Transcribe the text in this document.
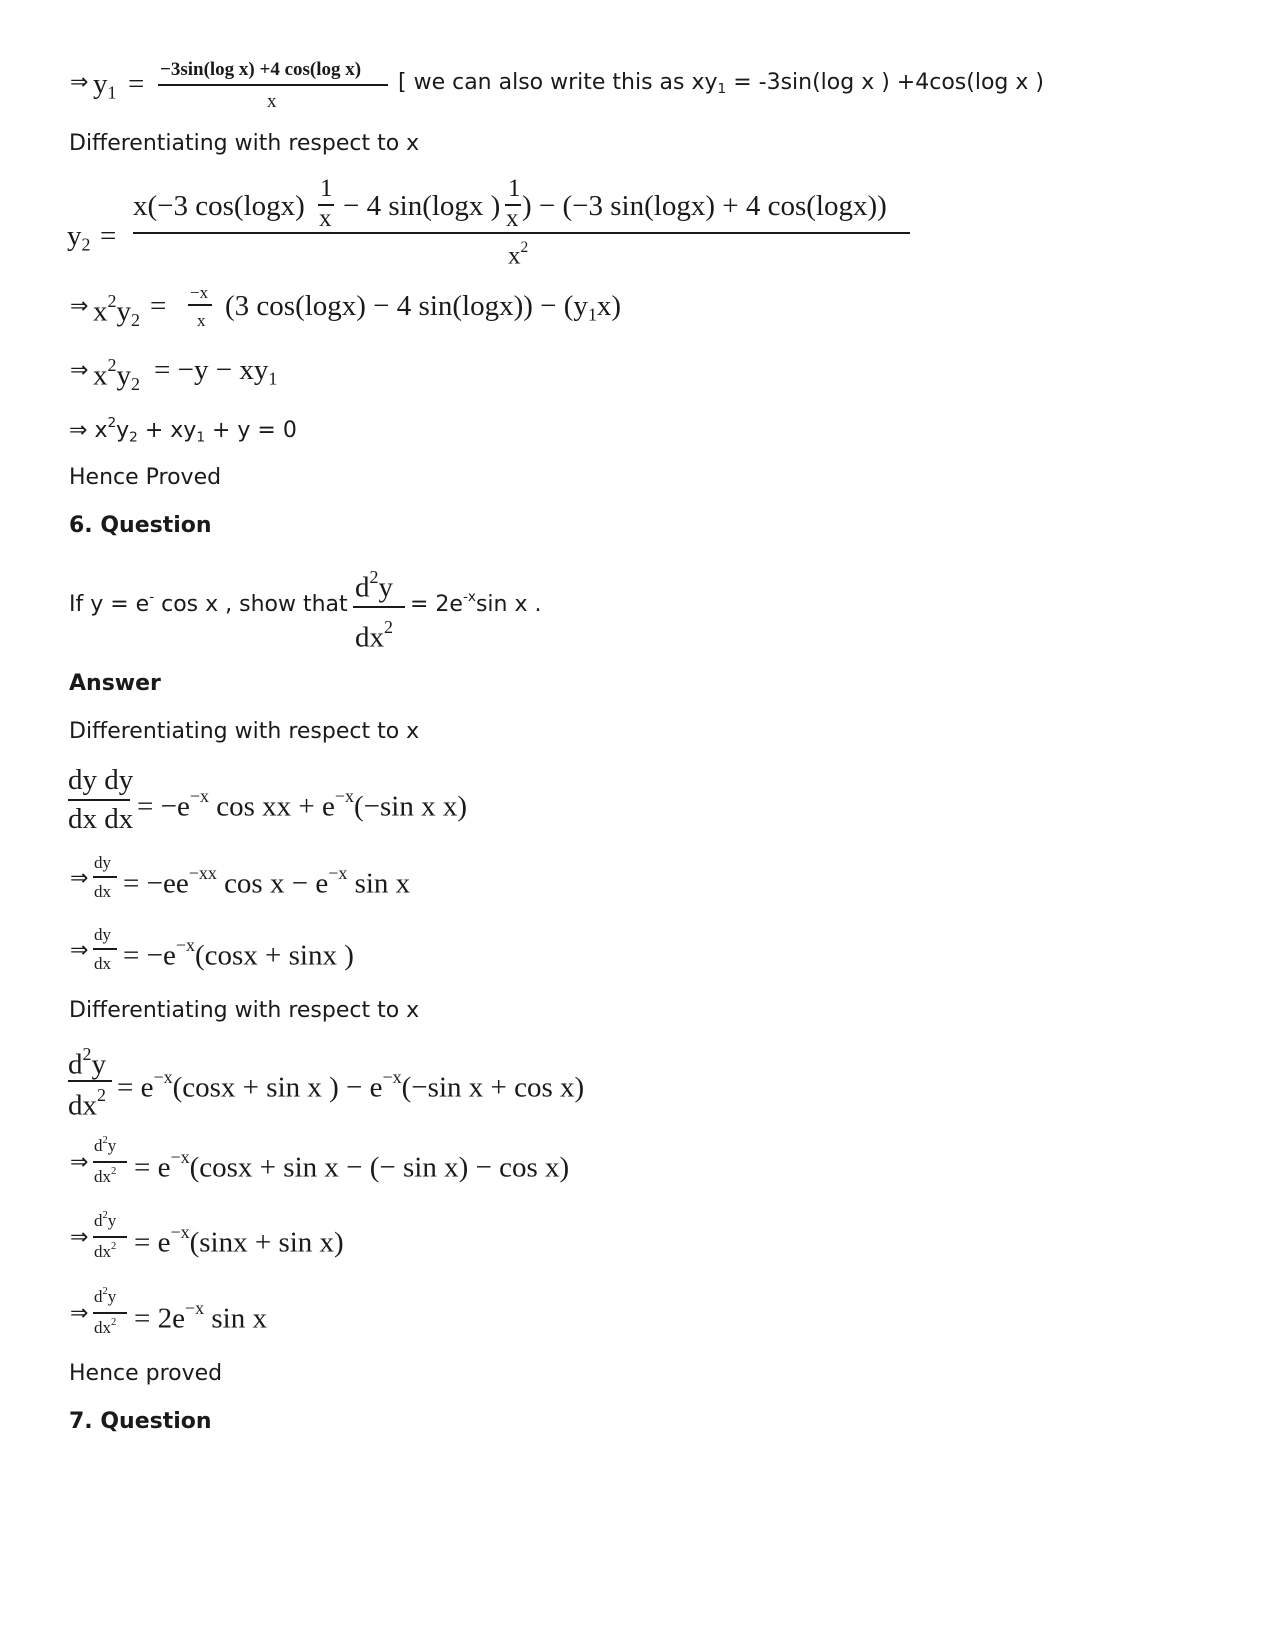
⇒ $y_1 = -3\sin(\log$ x) +4 cos(log x)
x
[ we can also write this as $xy_1 = -3\sin(\log$ x ) +4cos(log x )
Differentiating with respect to x
$y_2$ =
x(−3 cos(logx)
1
x − 4 sin(logx )
1
x ) − (−3 sin(logx) + 4 cos(logx))
$x^2$
⇒ $x^2y_2 = -x$
x (3 cos(logx) − 4 $\sin(\log x)) - (y_1x)$
⇒ $x^2y_2 = -y - xy_1$
⇒ $x^2y_2 + xy_1 + y = 0$
Hence Proved
6. Question
If y = e- cos x , show that
$d^2y$
$dx^2$
= $2e^{-x}\sin$ x .
Answer
Differentiating with respect to x
dy dy
dx dx = $-e^{-x}$ cos xx + $e^{-x}(-\sin$ x x)
⇒
dy
dx = $-ee^{-xx}$ $\cos x - e^{-x}$ sin x
⇒
dy
dx = $-e^{-x}(\cos x + \sin x$ )
Differentiating with respect to x
$d^2y$
$dx^2 = e^{-x}(\cos x + \sin x$ ) − $e^{-x}(-\sin$ x + cos x)
⇒
$d^2y$
$dx^2 = e^{-x}(\cos x + \sin x$ − (− sin x) − cos x)
⇒
$d^2y$
$dx^2 = e^{-x}(\sin x + \sin x)$
⇒
$d^2y$
$dx^2 = 2e^{-x}$ sin x
Hence proved
7. Question
